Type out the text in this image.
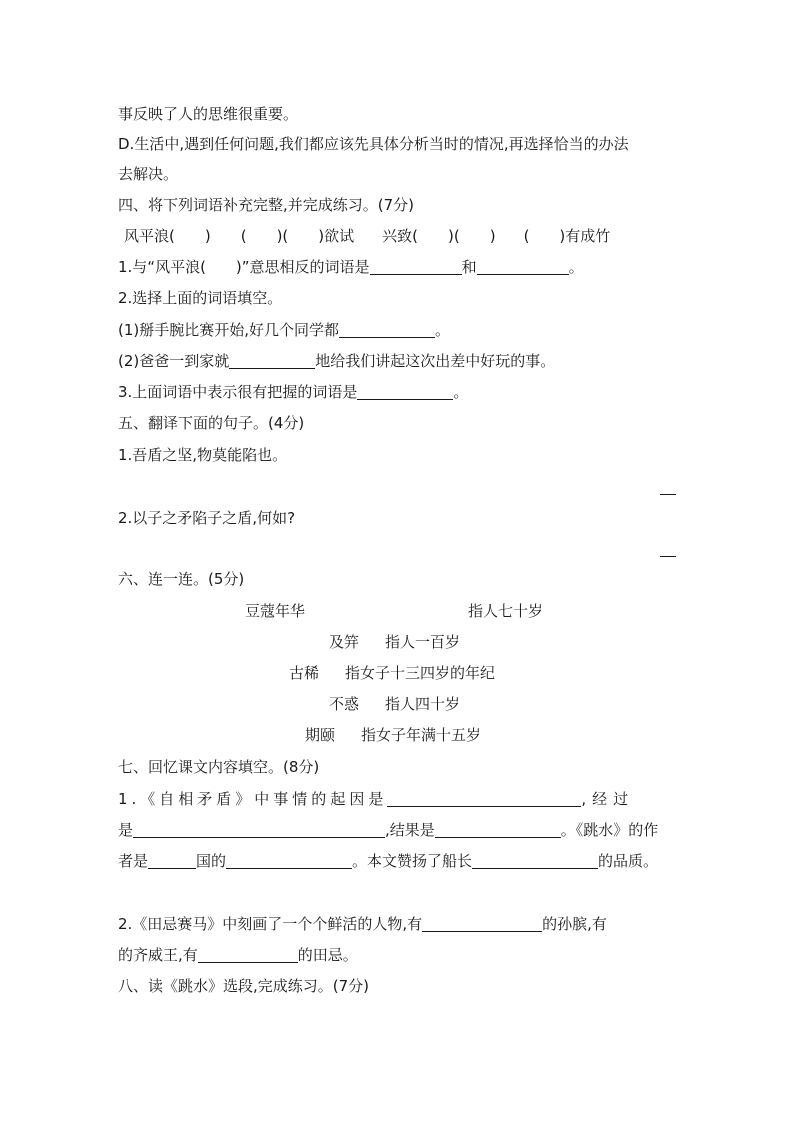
事反映了人的思维很重要。
D.生活中,遇到任何问题,我们都应该先具体分析当时的情况,再选择恰当的办法
去解决。
四、将下列词语补充完整,并完成练习。(7分)
风平浪(　　) (　　)(　　)欲试 兴致(　　)(　　) (　　)有成竹
1.与“风平浪(　　)”意思相反的词语是	和	。
2.选择上面的词语填空。
(1)掰手腕比赛开始,好几个同学都	。
(2)爸爸一到家就	地给我们讲起这次出差中好玩的事。
3.上面词语中表示很有把握的词语是	。
五、翻译下面的句子。(4分)
1.吾盾之坚,物莫能陷也。
2.以子之矛陷子之盾,何如?
六、连一连。(5分)
豆蔻年华	指人七十岁
及笄 指人一百岁
古稀 指女子十三四岁的年纪
不惑 指人四十岁
期颐 指女子年满十五岁
七、回忆课文内容填空。(8分)
1.《自相矛盾》中事情的起因是	,经过
是	,结果是	。《跳水》的作
者是	国的	。本文赞扬了船长	的品质。
2.《田忌赛马》中刻画了一个个鲜活的人物,有	的孙膑,有
的齐威王,有	的田忌。
八、读《跳水》选段,完成练习。(7分)
